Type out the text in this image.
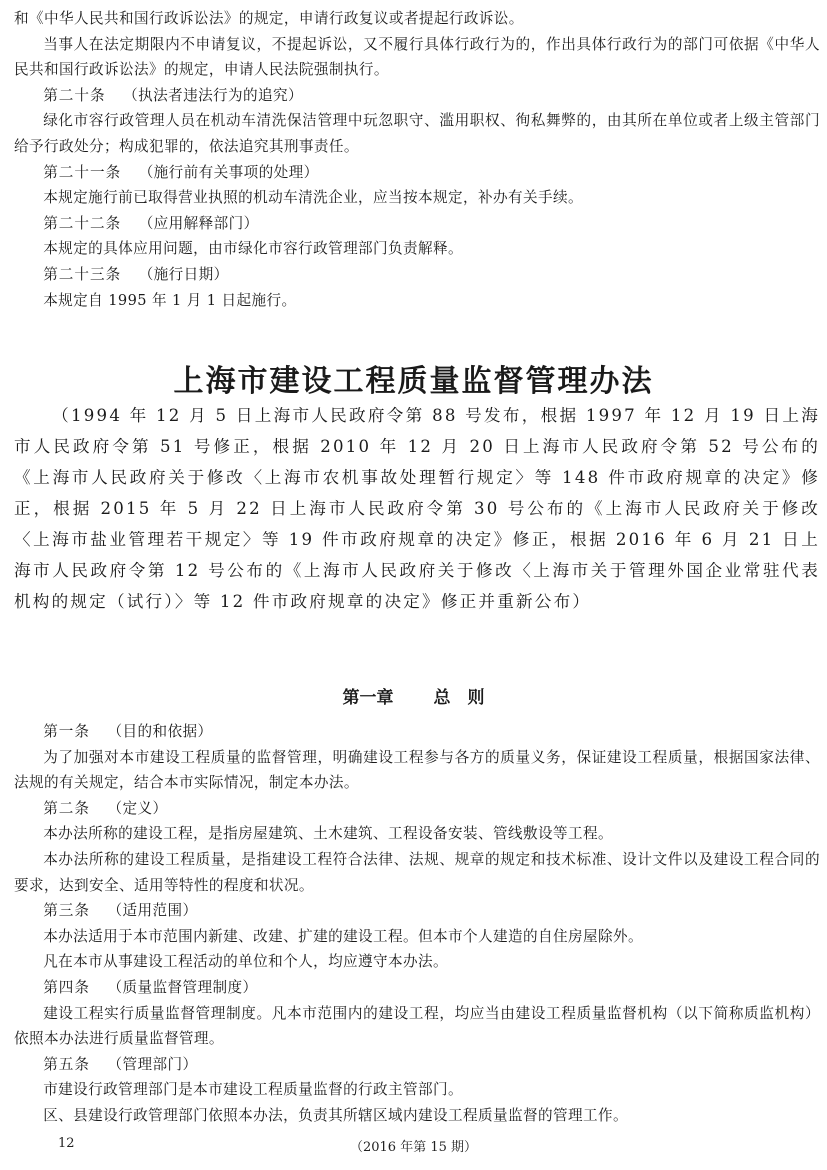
和《中华人民共和国行政诉讼法》的规定，申请行政复议或者提起行政诉讼。

当事人在法定期限内不申请复议，不提起诉讼，又不履行具体行政行为的，作出具体行政行为的部门可依据《中华人民共和国行政诉讼法》的规定，申请人民法院强制执行。

第二十条 （执法者违法行为的追究）

绿化市容行政管理人员在机动车清洗保洁管理中玩忽职守、滥用职权、徇私舞弊的，由其所在单位或者上级主管部门给予行政处分；构成犯罪的，依法追究其刑事责任。

第二十一条 （施行前有关事项的处理）

本规定施行前已取得营业执照的机动车清洗企业，应当按本规定，补办有关手续。

第二十二条 （应用解释部门）

本规定的具体应用问题，由市绿化市容行政管理部门负责解释。

第二十三条 （施行日期）

本规定自 1995 年 1 月 1 日起施行。

上海市建设工程质量监督管理办法

（1994 年 12 月 5 日上海市人民政府令第 88 号发布，根据 1997 年 12 月 19 日上海市人民政府令第 51 号修正，根据 2010 年 12 月 20 日上海市人民政府令第 52 号公布的《上海市人民政府关于修改〈上海市农机事故处理暂行规定〉等 148 件市政府规章的决定》修正，根据 2015 年 5 月 22 日上海市人民政府令第 30 号公布的《上海市人民政府关于修改〈上海市盐业管理若干规定〉等 19 件市政府规章的决定》修正，根据 2016 年 6 月 21 日上海市人民政府令第 12 号公布的《上海市人民政府关于修改〈上海市关于管理外国企业常驻代表机构的规定（试行）〉等 12 件市政府规章的决定》修正并重新公布）

第一章 总　则

第一条 （目的和依据）

为了加强对本市建设工程质量的监督管理，明确建设工程参与各方的质量义务，保证建设工程质量，根据国家法律、法规的有关规定，结合本市实际情况，制定本办法。

第二条 （定义）

本办法所称的建设工程，是指房屋建筑、土木建筑、工程设备安装、管线敷设等工程。

本办法所称的建设工程质量，是指建设工程符合法律、法规、规章的规定和技术标准、设计文件以及建设工程合同的要求，达到安全、适用等特性的程度和状况。

第三条 （适用范围）

本办法适用于本市范围内新建、改建、扩建的建设工程。但本市个人建造的自住房屋除外。

凡在本市从事建设工程活动的单位和个人，均应遵守本办法。

第四条 （质量监督管理制度）

建设工程实行质量监督管理制度。凡本市范围内的建设工程，均应当由建设工程质量监督机构（以下简称质监机构）依照本办法进行质量监督管理。

第五条 （管理部门）

市建设行政管理部门是本市建设工程质量监督的行政主管部门。

区、县建设行政管理部门依照本办法，负责其所辖区域内建设工程质量监督的管理工作。

（2016 年第 15 期）
12
